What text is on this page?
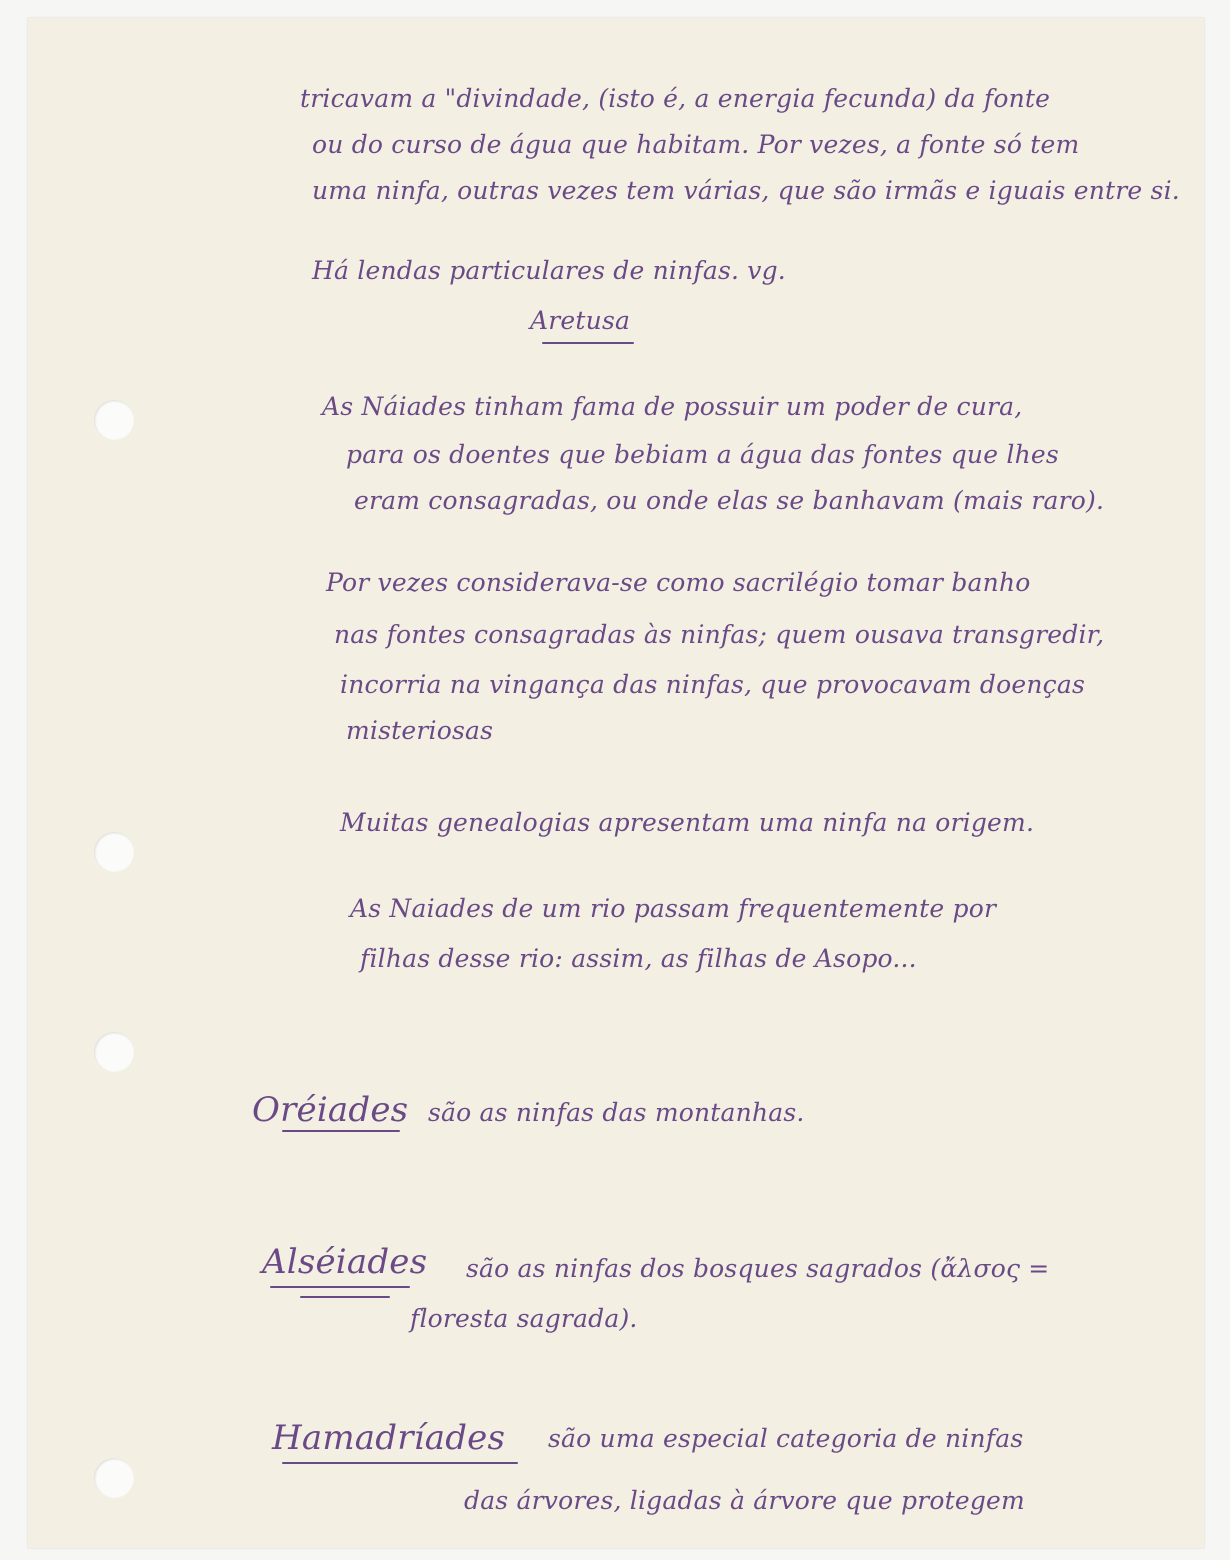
tricavam a "divindade, (isto é, a energia fecunda) da fonte
ou do curso de água que habitam. Por vezes, a fonte só tem
uma ninfa, outras vezes tem várias, que são irmãs e iguais entre si.
Há lendas particulares de ninfas. vg.
Aretusa
As Náiades tinham fama de possuir um poder de cura,
para os doentes que bebiam a água das fontes que lhes
eram consagradas, ou onde elas se banhavam (mais raro).
Por vezes considerava-se como sacrilégio tomar banho
nas fontes consagradas às ninfas; quem ousava transgredir,
incorria na vingança das ninfas, que provocavam doenças
misteriosas
Muitas genealogias apresentam uma ninfa na origem.
As Naiades de um rio passam frequentemente por
filhas desse rio: assim, as filhas de Asopo...
Oréiades são as ninfas das montanhas.
Alséiades são as ninfas dos bosques sagrados (ἄλσος =
floresta sagrada).
Hamadríades são uma especial categoria de ninfas
das árvores, ligadas à árvore que protegem
